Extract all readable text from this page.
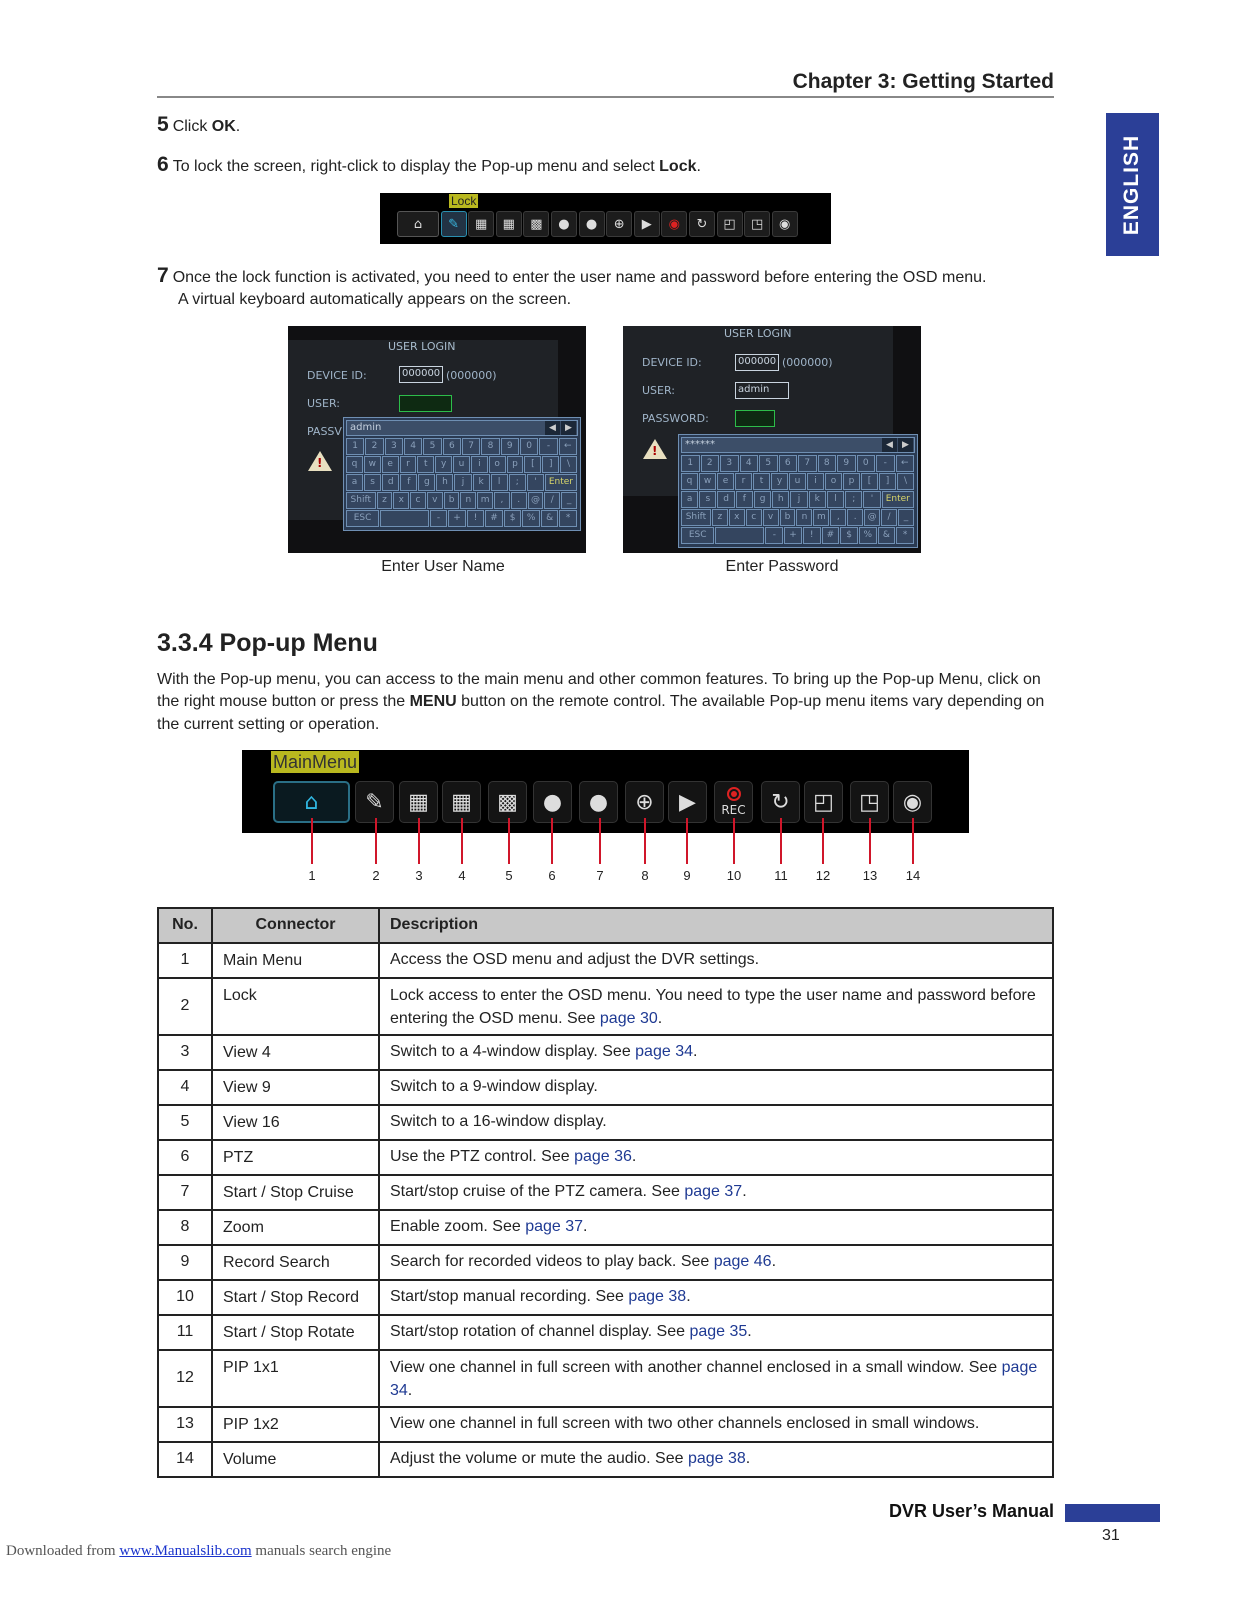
Chapter 3: Getting Started
ENGLISH
5 Click OK.
6 To lock the screen, right-click to display the Pop-up menu and select Lock.
Lock
⌂	✎	▦	▦	▩	●	●	⊕	▶	◉	↻	◰	◳	◉
7 Once the lock function is activated, you need to enter the user name and password before entering the OSD menu.
A virtual keyboard automatically appears on the screen.
USER LOGIN
DEVICE ID:	000000 (000000)
USER:
PASSV
! admin	◀	▶
1	2	3	4	5	6	7	8	9	0	-	←
q	w	e	r	t	y	u	i	o	p	[	]	\
a	s	d	f	g	h	j	k	l	;	'	Enter
Shift	z	x	c	v	b	n	m	,	.	@	/	_
ESC	-	+	!	#	$	%	&	*
Enter User Name
USER LOGIN
DEVICE ID:	000000 (000000)
USER:	admin
PASSWORD:
!
******	◀	▶
1	2	3	4	5	6	7	8	9	0	-	←
q	w	e	r	t	y	u	i	o	p	[	]	\
a	s	d	f	g	h	j	k	l	;	'	Enter
Shift	z	x	c	v	b	n	m	,	.	@	/	_
ESC	-	+	!	#	$	%	&	*
Enter Password
3.3.4 Pop-up Menu
With the Pop-up menu, you can access to the main menu and other common features. To bring up the Pop-up Menu, click on the right mouse button or press the MENU button on the remote control. The available Pop-up menu items vary depending on the current setting or operation.
MainMenu
⌂	✎	▦	▦	▩	●	●	⊕	▶	REC	↻	◰	◳	◉
1	2	3	4	5	6	7	8	9	10	11	12	13	14
No.	Connector	Description
1	Main Menu	Access the OSD menu and adjust the DVR settings.
2	Lock	Lock access to enter the OSD menu. You need to type the user name and password before entering the OSD menu. See page 30.
3	View 4	Switch to a 4-window display. See page 34.
4	View 9	Switch to a 9-window display.
5	View 16	Switch to a 16-window display.
6	PTZ	Use the PTZ control. See page 36.
7	Start / Stop Cruise	Start/stop cruise of the PTZ camera. See page 37.
8	Zoom	Enable zoom. See page 37.
9	Record Search	Search for recorded videos to play back. See page 46.
10	Start / Stop Record	Start/stop manual recording. See page 38.
11	Start / Stop Rotate	Start/stop rotation of channel display. See page 35.
12	PIP 1x1	View one channel in full screen with another channel enclosed in a small window. See page 34.
13	PIP 1x2	View one channel in full screen with two other channels enclosed in small windows.
14	Volume	Adjust the volume or mute the audio. See page 38.
DVR User’s Manual
31
Downloaded from www.Manualslib.com manuals search engine
